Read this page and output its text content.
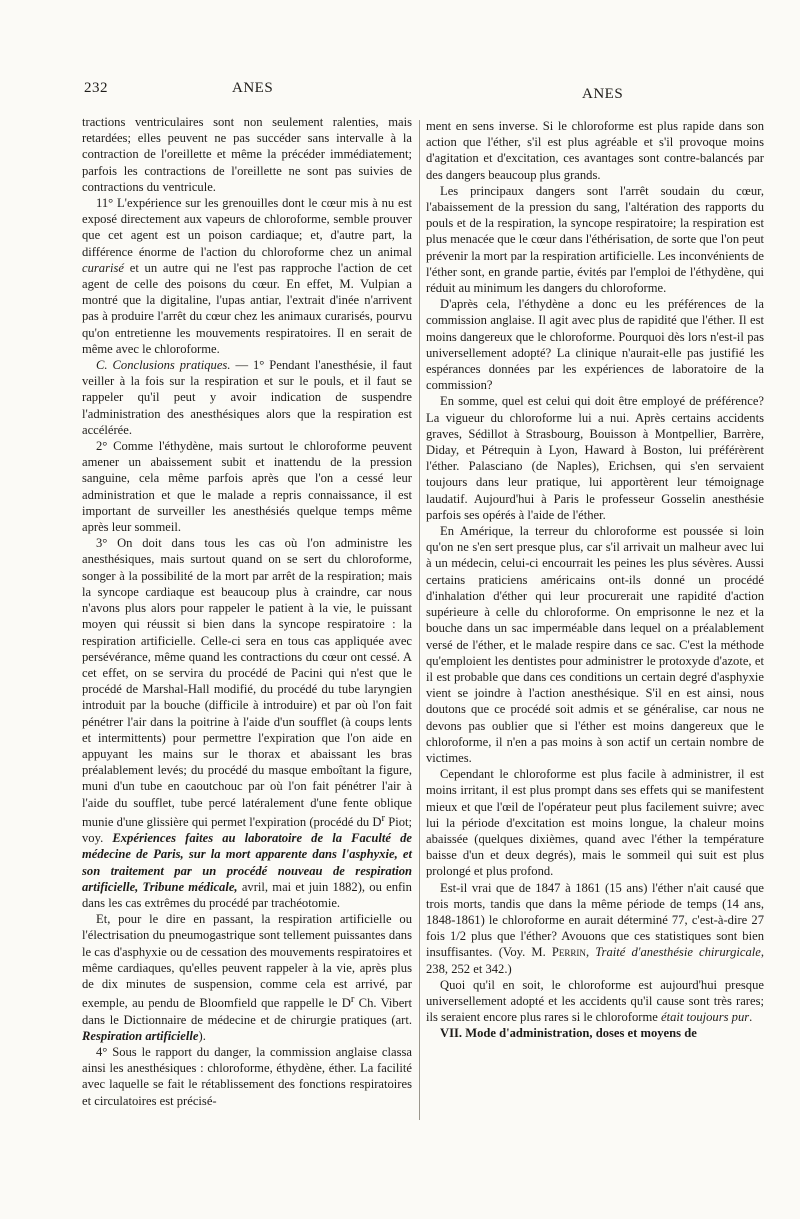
232	ANES	ANES

tractions ventriculaires sont non seulement ralenties, mais retardées; elles peuvent ne pas succéder sans intervalle à la contraction de l'oreillette et même la précéder immédiatement; parfois les contractions de l'oreillette ne sont pas suivies de contractions du ventricule.

11° L'expérience sur les grenouilles dont le cœur mis à nu est exposé directement aux vapeurs de chloroforme, semble prouver que cet agent est un poison cardiaque; et, d'autre part, la différence énorme de l'action du chloroforme chez un animal curarisé et un autre qui ne l'est pas rapproche l'action de cet agent de celle des poisons du cœur. En effet, M. Vulpian a montré que la digitaline, l'upas antiar, l'extrait d'inée n'arrivent pas à produire l'arrêt du cœur chez les animaux curarisés, pourvu qu'on entretienne les mouvements respiratoires. Il en serait de même avec le chloroforme.

C. Conclusions pratiques. — 1° Pendant l'anesthésie, il faut veiller à la fois sur la respiration et sur le pouls, et il faut se rappeler qu'il peut y avoir indication de suspendre l'administration des anesthésiques alors que la respiration est accélérée.

2° Comme l'éthydène, mais surtout le chloroforme peuvent amener un abaissement subit et inattendu de la pression sanguine, cela même parfois après que l'on a cessé leur administration et que le malade a repris connaissance, il est important de surveiller les anesthésiés quelque temps même après leur sommeil.

3° On doit dans tous les cas où l'on administre les anesthésiques, mais surtout quand on se sert du chloroforme, songer à la possibilité de la mort par arrêt de la respiration; mais la syncope cardiaque est beaucoup plus à craindre, car nous n'avons plus alors pour rappeler le patient à la vie, le puissant moyen qui réussit si bien dans la syncope respiratoire : la respiration artificielle. Celle-ci sera en tous cas appliquée avec persévérance, même quand les contractions du cœur ont cessé. A cet effet, on se servira du procédé de Pacini qui n'est que le procédé de Marshal-Hall modifié, du procédé du tube laryngien introduit par la bouche (difficile à introduire) et par où l'on fait pénétrer l'air dans la poitrine à l'aide d'un soufflet (à coups lents et intermittents) pour permettre l'expiration que l'on aide en appuyant les mains sur le thorax et abaissant les bras préalablement levés; du procédé du masque emboîtant la figure, muni d'un tube en caoutchouc par où l'on fait pénétrer l'air à l'aide du soufflet, tube percé latéralement d'une fente oblique munie d'une glissière qui permet l'expiration (procédé du $D^r$ Piot; voy. Expériences faites au laboratoire de la Faculté de médecine de Paris, sur la mort apparente dans l'asphyxie, et son traitement par un procédé nouveau de respiration artificielle, Tribune médicale, avril, mai et juin 1882), ou enfin dans les cas extrêmes du procédé par trachéotomie.

Et, pour le dire en passant, la respiration artificielle ou l'électrisation du pneumogastrique sont tellement puissantes dans le cas d'asphyxie ou de cessation des mouvements respiratoires et même cardiaques, qu'elles peuvent rappeler à la vie, après plus de dix minutes de suspension, comme cela est arrivé, par exemple, au pendu de Bloomfield que rappelle le $D^r$ Ch. Vibert dans le Dictionnaire de médecine et de chirurgie pratiques (art. Respiration artificielle).

4° Sous le rapport du danger, la commission anglaise classa ainsi les anesthésiques : chloroforme, éthydène, éther. La facilité avec laquelle se fait le rétablissement des fonctions respiratoires et circulatoires est précisé-

ment en sens inverse. Si le chloroforme est plus rapide dans son action que l'éther, s'il est plus agréable et s'il provoque moins d'agitation et d'excitation, ces avantages sont contre-balancés par des dangers beaucoup plus grands.

Les principaux dangers sont l'arrêt soudain du cœur, l'abaissement de la pression du sang, l'altération des rapports du pouls et de la respiration, la syncope respiratoire; la respiration est plus menacée que le cœur dans l'éthérisation, de sorte que l'on peut prévenir la mort par la respiration artificielle. Les inconvénients de l'éther sont, en grande partie, évités par l'emploi de l'éthydène, qui réduit au minimum les dangers du chloroforme.

D'après cela, l'éthydène a donc eu les préférences de la commission anglaise. Il agit avec plus de rapidité que l'éther. Il est moins dangereux que le chloroforme. Pourquoi dès lors n'est-il pas universellement adopté? La clinique n'aurait-elle pas justifié les espérances données par les expériences de laboratoire de la commission?

En somme, quel est celui qui doit être employé de préférence? La vigueur du chloroforme lui a nui. Après certains accidents graves, Sédillot à Strasbourg, Bouisson à Montpellier, Barrère, Diday, et Pétrequin à Lyon, Haward à Boston, lui préférèrent l'éther. Palasciano (de Naples), Erichsen, qui s'en servaient toujours dans leur pratique, lui apportèrent leur témoignage laudatif. Aujourd'hui à Paris le professeur Gosselin anesthésie parfois ses opérés à l'aide de l'éther.

En Amérique, la terreur du chloroforme est poussée si loin qu'on ne s'en sert presque plus, car s'il arrivait un malheur avec lui à un médecin, celui-ci encourrait les peines les plus sévères. Aussi certains praticiens américains ont-ils donné un procédé d'inhalation d'éther qui leur procurerait une rapidité d'action supérieure à celle du chloroforme. On emprisonne le nez et la bouche dans un sac imperméable dans lequel on a préalablement versé de l'éther, et le malade respire dans ce sac. C'est la méthode qu'emploient les dentistes pour administrer le protoxyde d'azote, et il est probable que dans ces conditions un certain degré d'asphyxie vient se joindre à l'action anesthésique. S'il en est ainsi, nous doutons que ce procédé soit admis et se généralise, car nous ne devons pas oublier que si l'éther est moins dangereux que le chloroforme, il n'en a pas moins à son actif un certain nombre de victimes.

Cependant le chloroforme est plus facile à administrer, il est moins irritant, il est plus prompt dans ses effets qui se manifestent mieux et que l'œil de l'opérateur peut plus facilement suivre; avec lui la période d'excitation est moins longue, la chaleur moins abaissée (quelques dixièmes, quand avec l'éther la température baisse d'un et deux degrés), mais le sommeil qui suit est plus prolongé et plus profond.

Est-il vrai que de 1847 à 1861 (15 ans) l'éther n'ait causé que trois morts, tandis que dans la même période de temps (14 ans, 1848-1861) le chloroforme en aurait déterminé 77, c'est-à-dire 27 fois 1/2 plus que l'éther? Avouons que ces statistiques sont bien insuffisantes. (Voy. M. Perrin, Traité d'anesthésie chirurgicale, 238, 252 et 342.)

Quoi qu'il en soit, le chloroforme est aujourd'hui presque universellement adopté et les accidents qu'il cause sont très rares; ils seraient encore plus rares si le chloroforme était toujours pur.

VII. Mode d'administration, doses et moyens de
